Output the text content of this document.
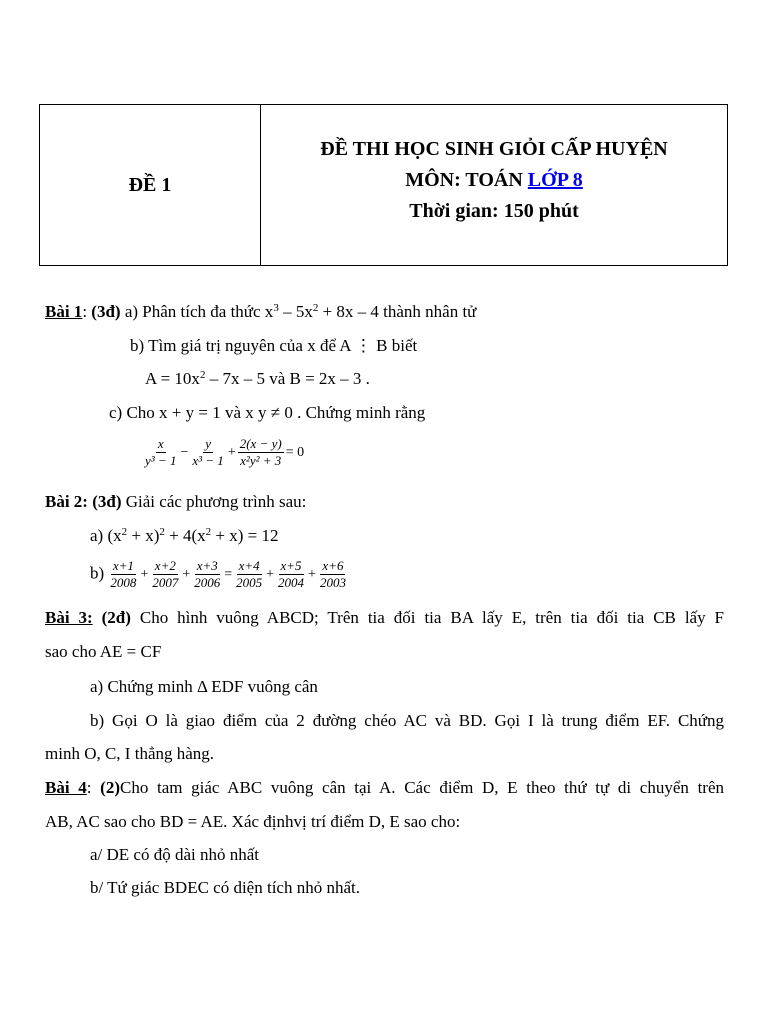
ĐỀ 1
ĐỀ THI HỌC SINH GIỎI CẤP HUYỆN
MÔN: TOÁN LỚP 8
Thời gian: 150 phút
Bài 1: (3đ) a) Phân tích đa thức $x^3 - 5x^2 + 8x - 4$ thành nhân tử
b) Tìm giá trị nguyên của x để A ⋮ B biết
$A = 10x^2 - 7x - 5$ và B = 2x – 3 .
c) Cho x + y = 1 và x y ≠ 0 . Chứng minh rằng
$\frac{x}{\text{y³ − 1}} - \frac{y}{\text{x³ − 1}} + \frac{2(x - y)}{\text{x²y² + 3}} = 0$
Bài 2: (3đ) Giải các phương trình sau:
a) $(x^2 + x)^2 + 4(x^2 + x) = 12$
$b) \frac{x+1}{2008} + \frac{x+2}{2007} + \frac{x+3}{2006} = \frac{x+4}{2005} + \frac{x+5}{2004} + \frac{x+6}{2003}$
Bài 3: (2đ) Cho hình vuông ABCD; Trên tia đối tia BA lấy E, trên tia đối tia CB lấy F
sao cho AE = CF
a) Chứng minh Δ EDF vuông cân
b) Gọi O là giao điểm của 2 đường chéo AC và BD. Gọi I là trung điểm EF. Chứng
minh O, C, I thẳng hàng.
Bài 4: (2)Cho tam giác ABC vuông cân tại A. Các điểm D, E theo thứ tự di chuyển trên
AB, AC sao cho BD = AE. Xác địnhvị trí điểm D, E sao cho:
a/ DE có độ dài nhỏ nhất
b/ Tứ giác BDEC có diện tích nhỏ nhất.
